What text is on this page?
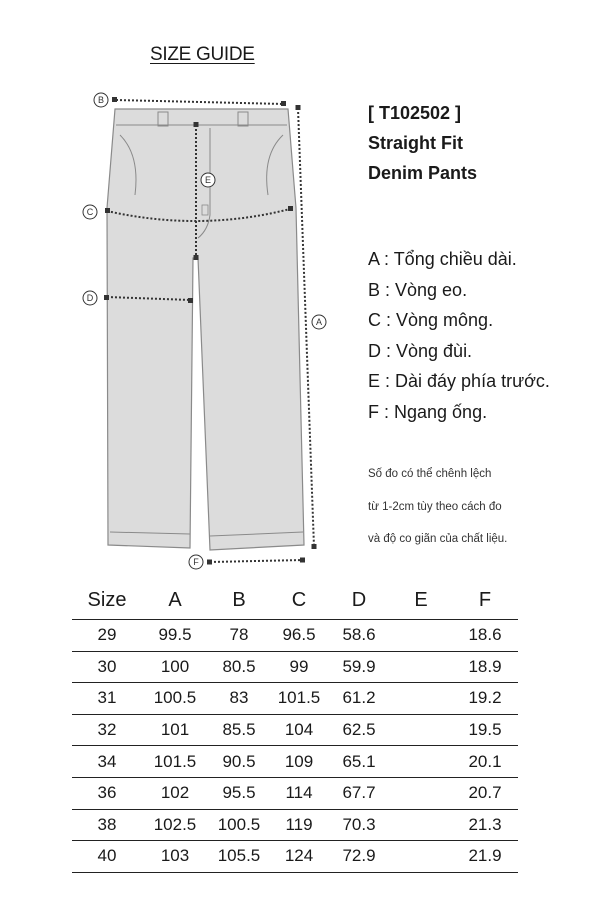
SIZE GUIDE
B
E
C
D
A
F
[ T102502 ]
Straight Fit
Denim Pants
A : Tổng chiều dài.
B : Vòng eo.
C : Vòng mông.
D : Vòng đùi.
E : Dài đáy phía trước.
F : Ngang ống.
Số đo có thể chênh lệch
từ 1-2cm tùy theo cách đo
và độ co giãn của chất liệu.
Size	A	B	C	D	E	F
29	99.5	78	96.5	58.6		18.6
30	100	80.5	99	59.9		18.9
31	100.5	83	101.5	61.2		19.2
32	101	85.5	104	62.5		19.5
34	101.5	90.5	109	65.1		20.1
36	102	95.5	114	67.7		20.7
38	102.5	100.5	119	70.3		21.3
40	103	105.5	124	72.9		21.9
